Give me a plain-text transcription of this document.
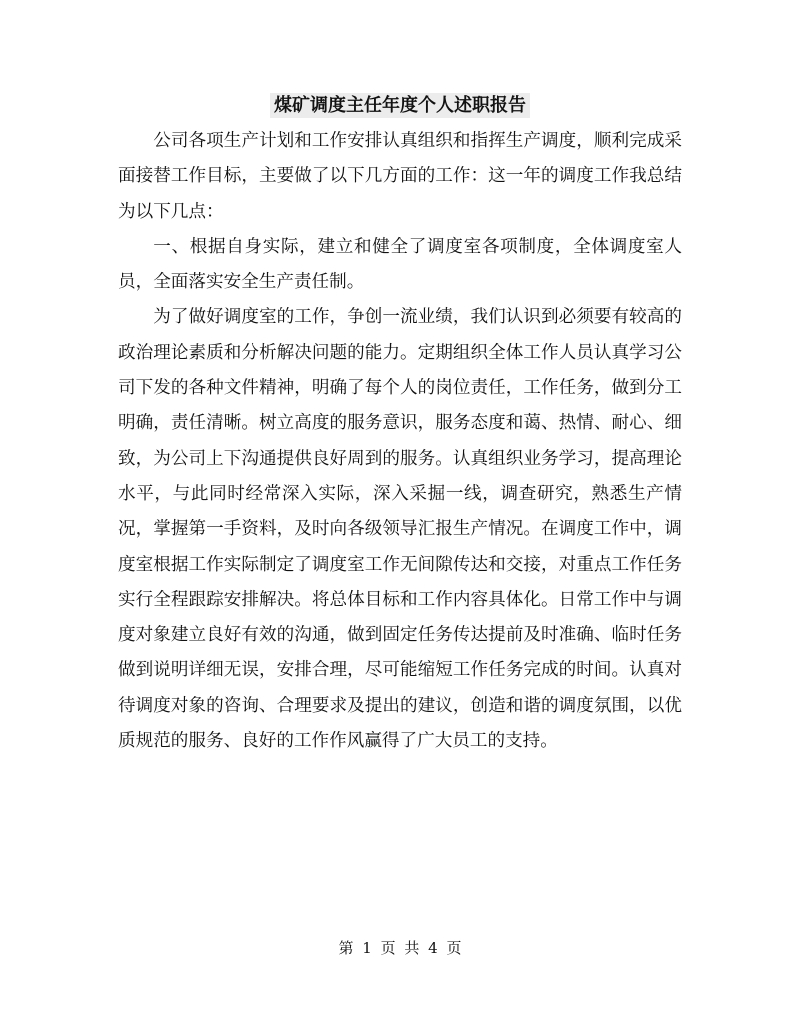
煤矿调度主任年度个人述职报告

公司各项生产计划和工作安排认真组织和指挥生产调度，顺利完成采面接替工作目标，主要做了以下几方面的工作：这一年的调度工作我总结为以下几点：

一、根据自身实际，建立和健全了调度室各项制度，全体调度室人员，全面落实安全生产责任制。

为了做好调度室的工作，争创一流业绩，我们认识到必须要有较高的政治理论素质和分析解决问题的能力。定期组织全体工作人员认真学习公司下发的各种文件精神，明确了每个人的岗位责任，工作任务，做到分工明确，责任清晰。树立高度的服务意识，服务态度和蔼、热情、耐心、细致，为公司上下沟通提供良好周到的服务。认真组织业务学习，提高理论水平，与此同时经常深入实际，深入采掘一线，调查研究，熟悉生产情况，掌握第一手资料，及时向各级领导汇报生产情况。在调度工作中，调度室根据工作实际制定了调度室工作无间隙传达和交接，对重点工作任务实行全程跟踪安排解决。将总体目标和工作内容具体化。日常工作中与调度对象建立良好有效的沟通，做到固定任务传达提前及时准确、临时任务做到说明详细无误，安排合理，尽可能缩短工作任务完成的时间。认真对待调度对象的咨询、合理要求及提出的建议，创造和谐的调度氛围，以优质规范的服务、良好的工作作风赢得了广大员工的支持。

第 1 页 共 4 页
